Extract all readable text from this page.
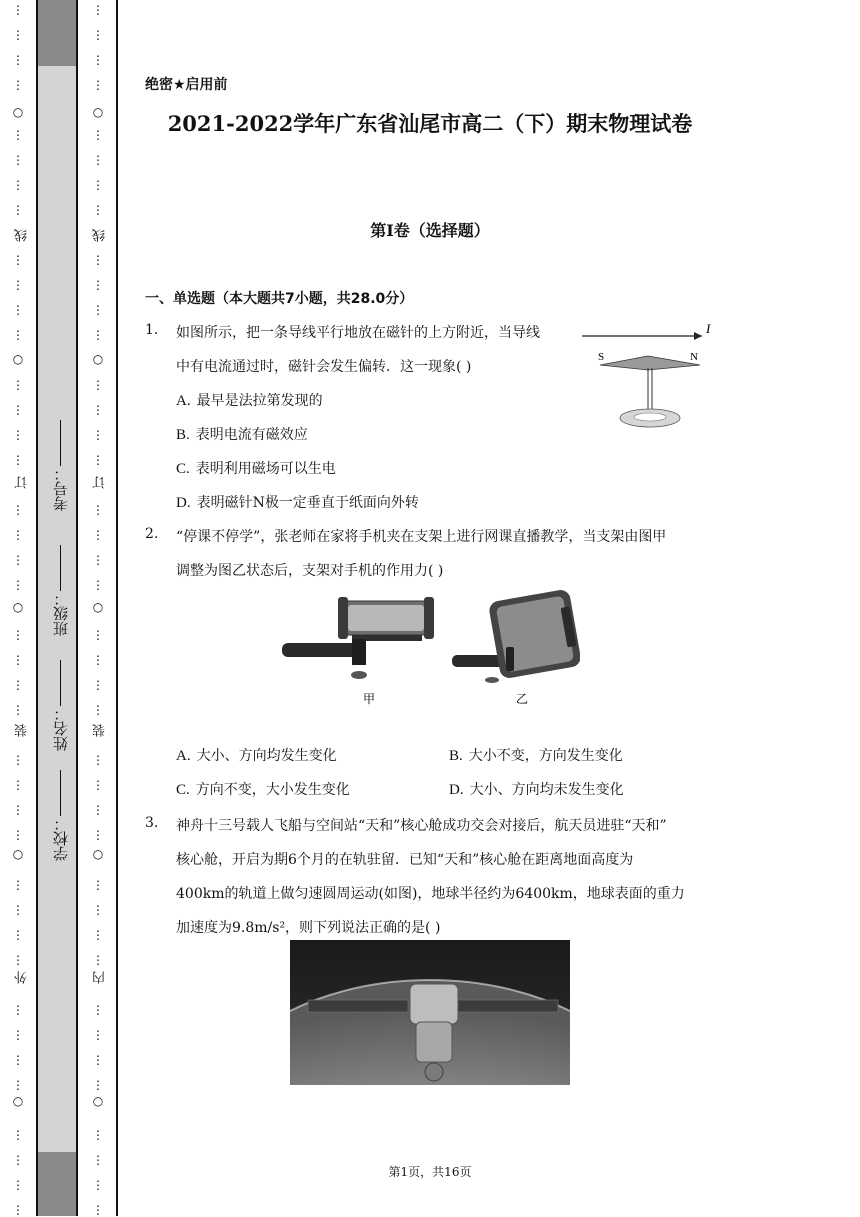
⋮
⋮
⋮
⋮
⋮
⋮
⋮
⋮
⋮
⋮
⋮
⋮
⋮
⋮
⋮
⋮
⋮
⋮
⋮
⋮
⋮
⋮
⋮
⋮
⋮
⋮
⋮
⋮
⋮
⋮
⋮
⋮
⋮
⋮
⋮
⋮
⋮
⋮
⋮
⋮
○
○
○
○
○
⋮
⋮
⋮
⋮
⋮
⋮
⋮
⋮
⋮
⋮
⋮
⋮
⋮
⋮
⋮
⋮
⋮
⋮
⋮
⋮
⋮
⋮
⋮
⋮
⋮
⋮
⋮
⋮
⋮
⋮
⋮
⋮
⋮
⋮
⋮
⋮
⋮
⋮
⋮
⋮
○
○
○
○
○
线
订
装
外
线
订
装
内
学校：
姓名：
班级：
考号：
绝密★启用前
2021-2022学年广东省汕尾市高二（下）期末物理试卷
第I卷（选择题）
一、单选题（本大题共7小题，共28.0分）
1. 如图所示，把一条导线平行地放在磁针的上方附近，当导线
中有电流通过时，磁针会发生偏转．这一现象( )
A. 最早是法拉第发现的
B. 表明电流有磁效应
C. 表明利用磁场可以生电
D. 表明磁针N极一定垂直于纸面向外转
I
S	N
2. “停课不停学”，张老师在家将手机夹在支架上进行网课直播教学，当支架由图甲
调整为图乙状态后，支架对手机的作用力( )
甲	乙
A. 大小、方向均发生变化	B. 大小不变，方向发生变化
C. 方向不变，大小发生变化	D. 大小、方向均未发生变化
3. 神舟十三号载人飞船与空间站“天和”核心舱成功交会对接后，航天员进驻“天和”
核心舱，开启为期6个月的在轨驻留．已知“天和”核心舱在距离地面高度为
400km的轨道上做匀速圆周运动(如图)，地球半径约为6400km，地球表面的重力
加速度为9.8m/s²，则下列说法正确的是( )
第1页，共16页
